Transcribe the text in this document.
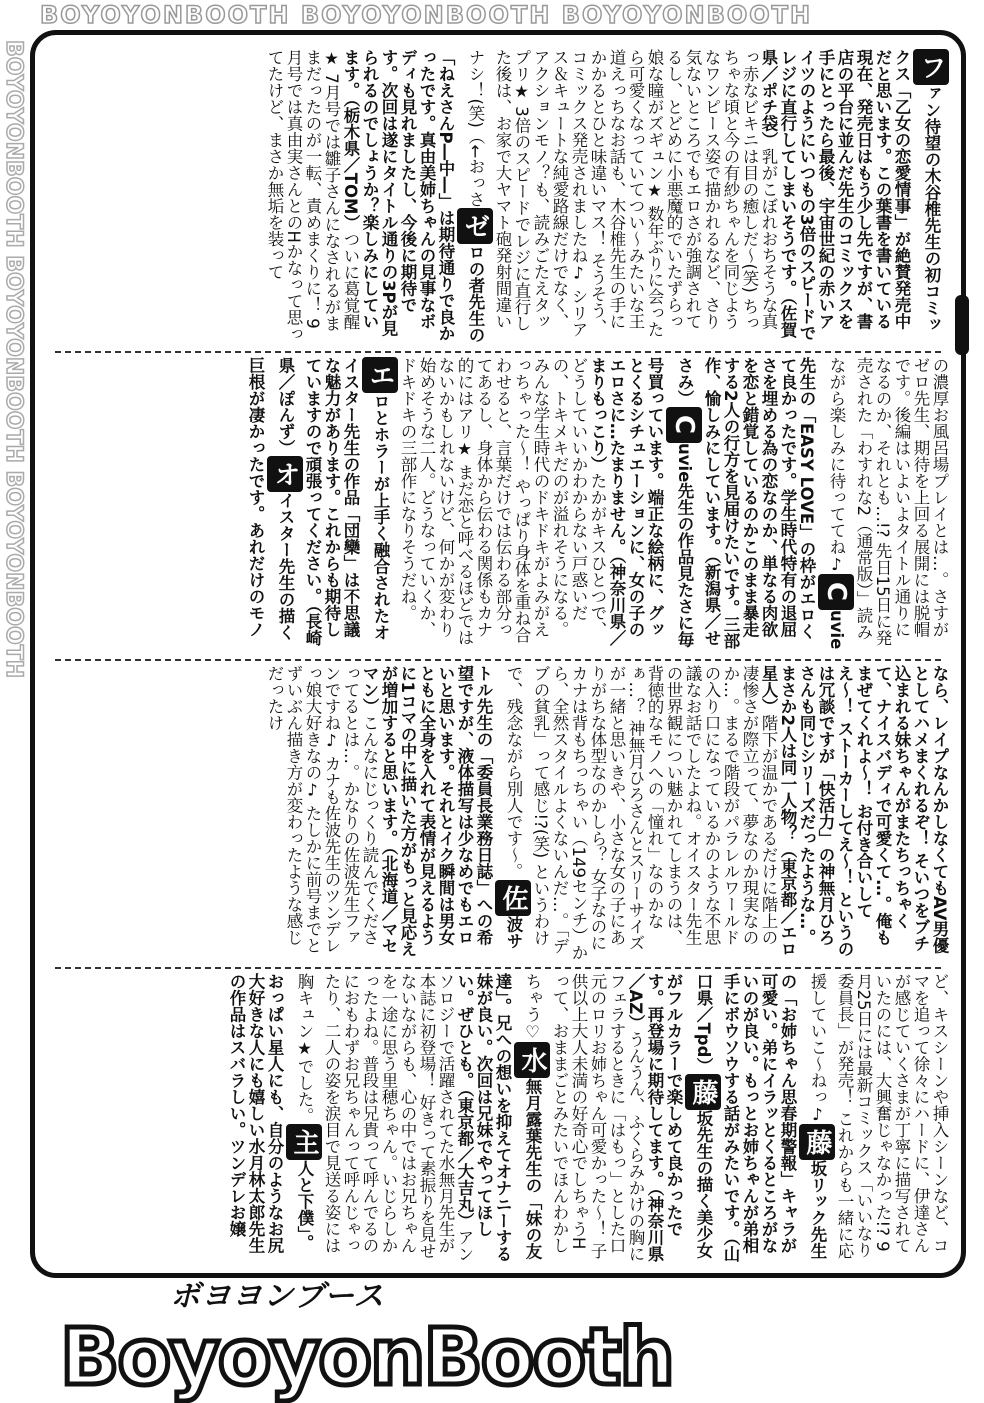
BOYOYONBOOTH BOYOYONBOOTH BOYOYONBOOTH
BOYOYONBOOTH BOYOYONBOOTH BOYOYONBOOTH	ファン待望の木谷椎先生の初コミックス「乙女の恋愛情事」が絶賛発売中だと思います。この葉書を書いている現在、発売日はもう少し先ですが、書店の平台に並んだ先生のコミックスを手にとったら最後、宇宙世紀の赤いアイツのようにいつもの3倍のスピードでレジに直行してしまいそうです。（佐賀県／ポチ袋）乳がこぼれおちそうな真っ赤なビキニは目の癒しだ〜(笑) ちっちゃな頃と今の有紗ちゃんを同じようなワンピース姿で描かれるなど、さり気ないところでもエロさが強調されてるし、とどめに小悪魔的でいたずらっ娘な瞳がズギュン★ 数年ぶりに会ったら可愛くなっていてつい〜みたいな王道えっちなお話も、木谷椎先生の手にかかるとひと味違いマス！ そうそう、コミックス発売されましたね♪ シリアス＆キュートな純愛路線だけでなく、アクションモノ？も、読みごたえタップリ★ 3倍のスピードでレジに直行した後は、お家で大ヤマト砲発射間違いナシ！(笑)（←おっさゼロの者先生の「ねえさんP―中―」は期待通りで良かったです。真由美姉ちゃんの見事なボディも見れましたし、今後に期待です。次回は遂にタイトル通りの3Pが見られるのでしょうか？楽しみにしています。（栃木県／TOM）ついに葛覚醒★ 7月号では雛子さんになされるがままだったのが一転、責めまくりに！ 9月号では真由実さんとのHかなって思ってたけど、まさか無垢を装って
の濃厚お風呂場プレイとは…。さすがゼロ先生、期待を上回る展開には脱帽です。後編はいよいよタイトル通りになるのか、それとも…!? 先日15日に発売された「わすれな2（通常版）」読みながら楽しみに待っててね♪Cuvie先生の「EASY LOVE」の枠がエロくて良かったです。学生時代特有の退屈さを埋める為の恋なのか、単なる肉欲を恋と錯覚しているのかこのまま暴走する2人の行方を見届けたいです。三部作、愉しみにしています。（新潟県／せさみ）Cuvie先生の作品見たさに毎号買っています。端正な絵柄に、グッとくるシチュエーションに、女の子のエロさに…たまりません。（神奈川県／まりもっこり）たかがキスひとつで、どうしていいかわからない戸惑いだの、トキメキだのが溢れそうになる。みんな学生時代のドキドキがよみがえっちゃった〜！ やっぱり身体を重ね合わせると、言葉だけでは伝わる部分ってあるし、身体から伝わる関係もカナ的にはアリ★ まだ恋と呼べるほどではないかもしれないけど、何かが変わり始めそうな二人。どうなっていくか、ドキドキの三部作になりそうだね。エロとホラーが上手く融合されたオイスター先生の作品「団欒」は不思議な魅力があります。これからも期待していますので頑張ってください。（長崎県／ぽんず）オイスター先生の描く巨根が凄かったです。あれだけのモノ
なら、レイプなんかしなくてもAV男優としてハメまくれるぞ！ そいつをブチ込まれる妹ちゃんがまたちっちゃくて、ナイスバディで可愛くて…。俺もまぜてくれよ〜！ お付き合いしてえ〜！ ストーカーしてえ〜！ というのは冗談ですが「快活力」の神無月ひろさんも同じシリーズだったような…。まさか2人は同一人物？（東京都／エロ星人）階下が温かであるだけに階上の凄惨さが際立って、夢なのか現実なのか…。まるで階段がパラレルワールドの入り口になっているかのような不思議なお話でしたよね。オイスター先生の世界観につい魅かれてしまうのは、背徳的なモノへの「憧れ」なのかなぁ…？ 神無月ひろさんとスリーサイズが一緒と思いきや、小さな女の子にありがちな体型なのかしら？ 女子なのにカナは背もちっちゃい（149センチ）から、全然スタイルよくないんだ…。「デブの貧乳」って感じ!?(笑) というわけで、残念ながら別人です〜。佐波サトル先生の「委員長業務日誌」への希望ですが、液体描写は少なめでもエロいと思います。それとイク瞬間は男女ともに全身を入れて表情が見えるように1コマの中に描いた方がもっと見応えが増加すると思います。（北海道／マセマン）こんなにじっくり読んでくださってるとは…。かなりの佐波先生ファンですね♪ カナも佐波先生のツンデレっ娘大好きなの♪ たしかに前号までとずいぶん描き方が変わったような感じだったけ
ど、キスシーンや挿入シーンなど、コマを追って徐々にハードに、伊達さんが感じていくさまが丁寧に描写されていたのには、大興奮じゃなかった!? 9月25日には最新コミックス「いいなり委員長」が発売！ これからも一緒に応援していこ〜ねっ♪藤坂リック先生の「お姉ちゃん思春期警報」キャラが可愛い。弟にイラッとくるところがないのが良い。もっとお姉ちゃんが弟相手にボウソウする話がみたいです。（山口県／Tpd）藤坂先生の描く美少女がフルカラーで楽しめて良かったです。再登場に期待してます。（神奈川県／AZ）うんうん、ふくらみかけの胸にフェラするときに「はもっ」とした口元のロリお姉ちゃん可愛かった〜！ 子供以上大人未満の好奇心でしちゃうHって、おままごとみたいでほんわかしちゃう♡水無月露葉先生の「妹の友達」。兄への想いを抑えてオナニーする妹が良い。次回は兄妹でやってほしい。ぜひとも。（東京都／大吉丸）アンソロジーで活躍されてた水無月先生が本誌に初登場！ 好きって素振りを見せないながらも、心の中ではお兄ちゃんを一途に思う里穂ちゃん。いじらしかったよね。普段は兄貴って呼んでるのにおもわずお兄ちゃんって呼んじゃったり、二人の姿を涙目で見送る姿には胸キュン★でした。主人と下僕」。おっぱい星人にも、自分のようなお尻大好きな人にも嬉しい水月林太郎先生の作品はスバラしい。ツンデレお嬢
ボヨヨンブース
BoyoyonBooth
